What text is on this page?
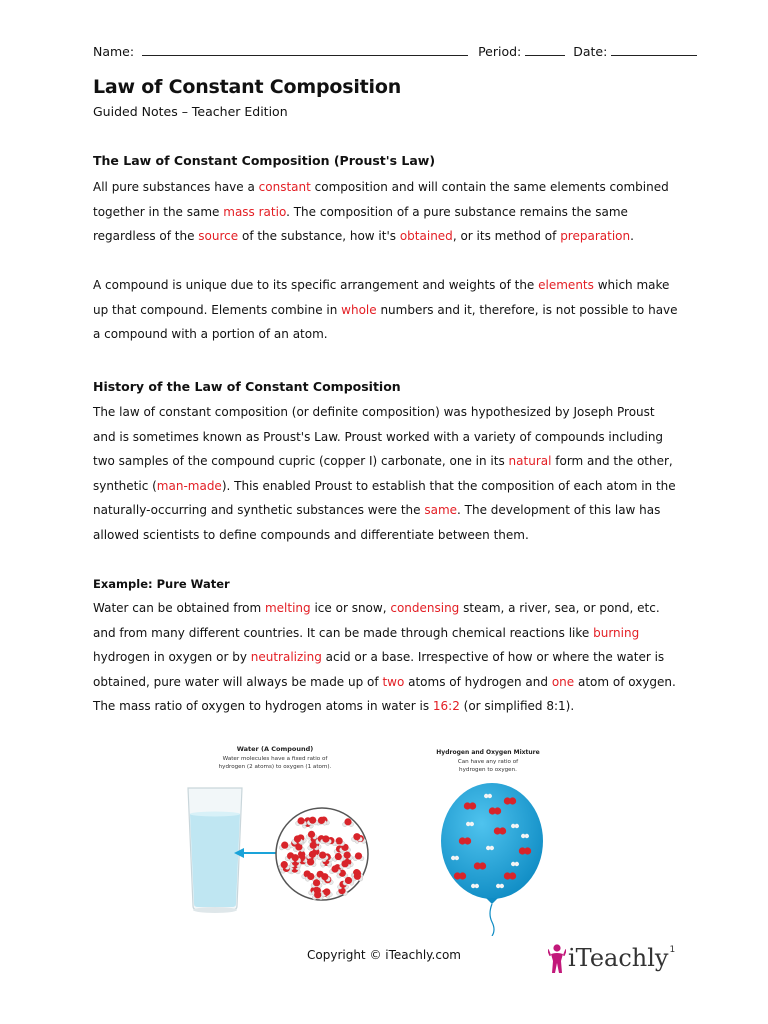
Name:	Period:	Date:
Law of Constant Composition
Guided Notes – Teacher Edition
The Law of Constant Composition (Proust's Law)
All pure substances have a constant composition and will contain the same elements combined together in the same mass ratio. The composition of a pure substance remains the same regardless of the source of the substance, how it's obtained, or its method of preparation.
A compound is unique due to its specific arrangement and weights of the elements which make up that compound. Elements combine in whole numbers and it, therefore, is not possible to have a compound with a portion of an atom.
History of the Law of Constant Composition
The law of constant composition (or definite composition) was hypothesized by Joseph Proust and is sometimes known as Proust's Law. Proust worked with a variety of compounds including two samples of the compound cupric (copper I) carbonate, one in its natural form and the other, synthetic (man-made). This enabled Proust to establish that the composition of each atom in the naturally-occurring and synthetic substances were the same. The development of this law has allowed scientists to define compounds and differentiate between them.
Example: Pure Water
Water can be obtained from melting ice or snow, condensing steam, a river, sea, or pond, etc. and from many different countries. It can be made through chemical reactions like burning hydrogen in oxygen or by neutralizing acid or a base. Irrespective of how or where the water is obtained, pure water will always be made up of two atoms of hydrogen and one atom of oxygen. The mass ratio of oxygen to hydrogen atoms in water is 16:2 (or simplified 8:1).
Water (A Compound)
Water molecules have a fixed ratio of
hydrogen (2 atoms) to oxygen (1 atom).
Hydrogen and Oxygen Mixture
Can have any ratio of
hydrogen to oxygen.
Copyright © iTeachly.com	iTeachly 1
